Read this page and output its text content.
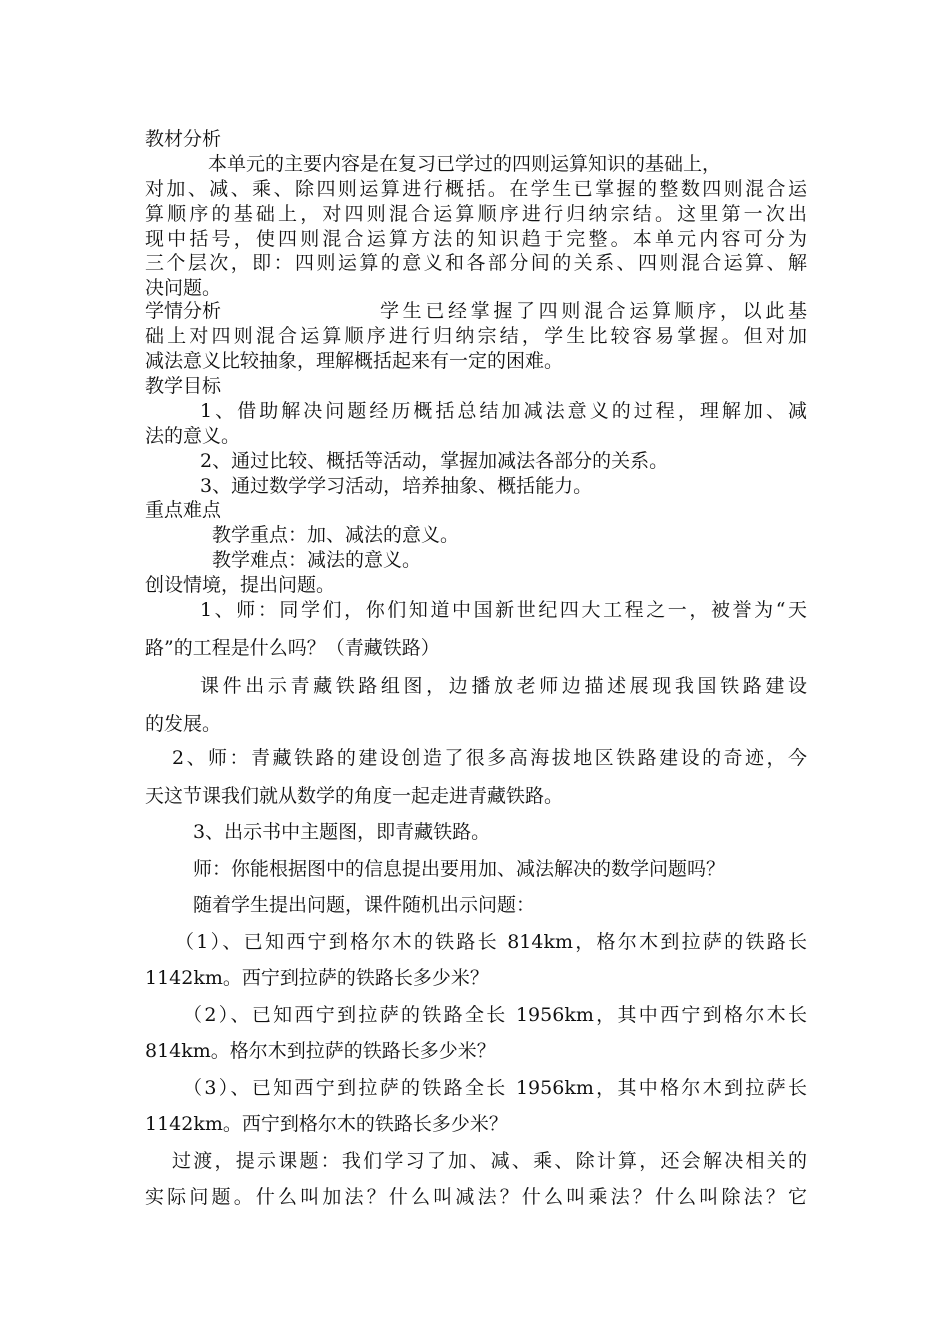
教材分析
本单元的主要内容是在复习已学过的四则运算知识的基础上，
对加、减、乘、除四则运算进行概括。在学生已掌握的整数四则混合运
算顺序的基础上，对四则混合运算顺序进行归纳宗结。这里第一次出
现中括号，使四则混合运算方法的知识趋于完整。本单元内容可分为
三个层次，即：四则运算的意义和各部分间的关系、四则混合运算、解
决问题。
学情分析	学生已经掌握了四则混合运算顺序，以此基
础上对四则混合运算顺序进行归纳宗结，学生比较容易掌握。但对加
减法意义比较抽象，理解概括起来有一定的困难。
教学目标
1、借助解决问题经历概括总结加减法意义的过程，理解加、减
法的意义。
2、通过比较、概括等活动，掌握加减法各部分的关系。
3、通过数学学习活动，培养抽象、概括能力。
重点难点
教学重点：加、减法的意义。
教学难点：减法的意义。
创设情境，提出问题。
1、师：同学们，你们知道中国新世纪四大工程之一，被誉为“天
路”的工程是什么吗？（青藏铁路）
课件出示青藏铁路组图，边播放老师边描述展现我国铁路建设
的发展。
2、师：青藏铁路的建设创造了很多高海拔地区铁路建设的奇迹，今
天这节课我们就从数学的角度一起走进青藏铁路。
3、出示书中主题图，即青藏铁路。
师：你能根据图中的信息提出要用加、减法解决的数学问题吗？
随着学生提出问题，课件随机出示问题：
（1）、已知西宁到格尔木的铁路长 814km，格尔木到拉萨的铁路长
1142km。西宁到拉萨的铁路长多少米？
（2）、已知西宁到拉萨的铁路全长 1956km，其中西宁到格尔木长
814km。格尔木到拉萨的铁路长多少米？
（3）、已知西宁到拉萨的铁路全长 1956km，其中格尔木到拉萨长
1142km。西宁到格尔木的铁路长多少米？
过渡，提示课题：我们学习了加、减、乘、除计算，还会解决相关的
实际问题。什么叫加法？什么叫减法？什么叫乘法？什么叫除法？它
